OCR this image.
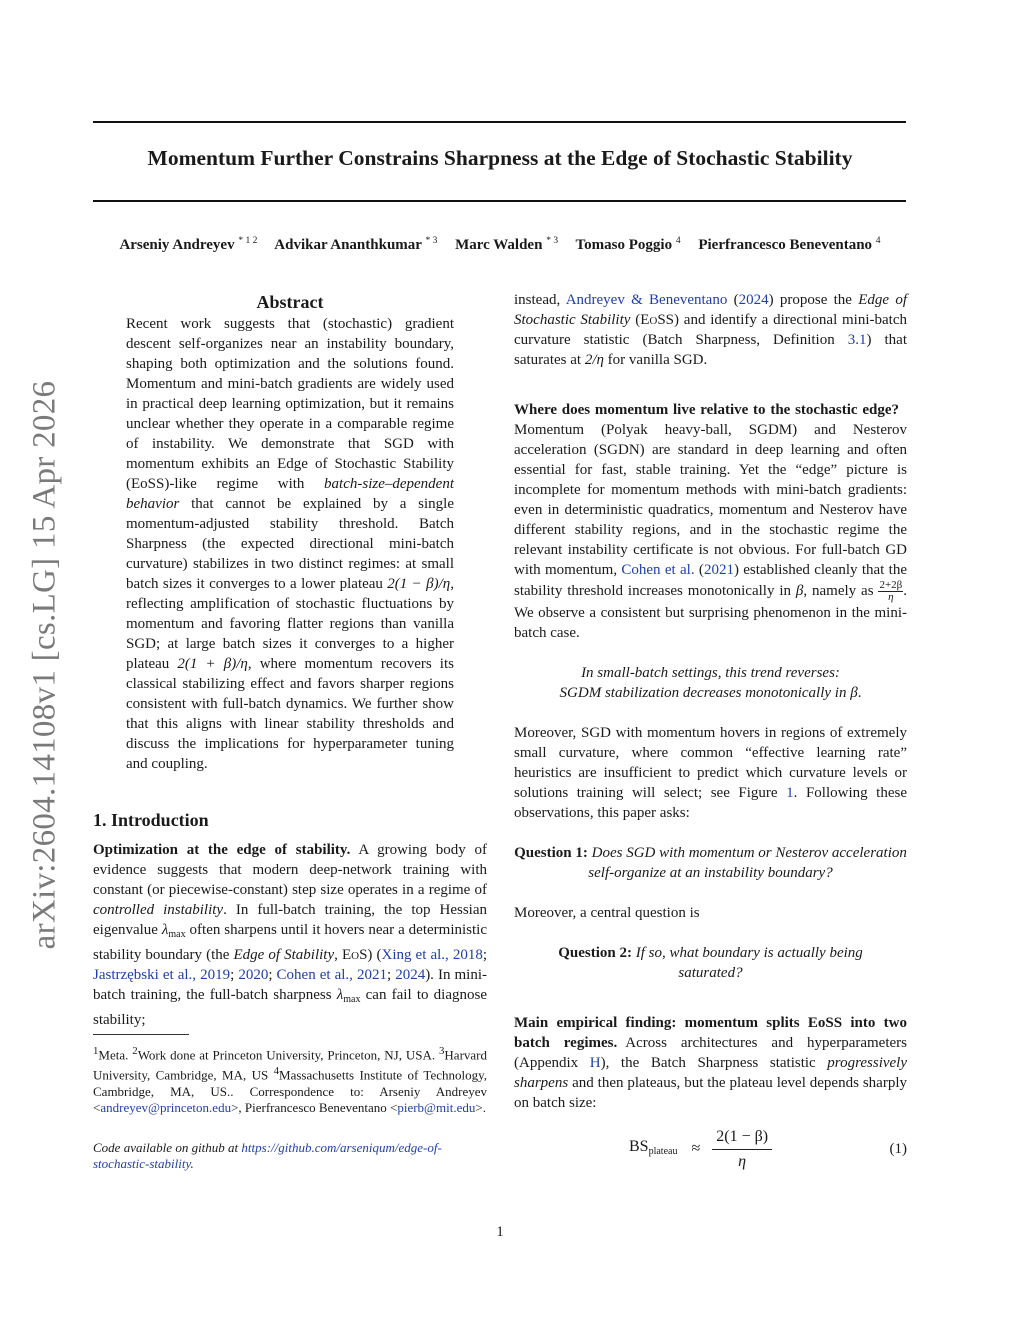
Momentum Further Constrains Sharpness at the Edge of Stochastic Stability
Arseniy Andreyev $^{* 1 2}$ Advikar Ananthkumar $^{* 3}$ Marc Walden $^{* 3}$ Tomaso Poggio $^4$ Pierfrancesco Beneventano $^4$
arXiv:2604.14108v1 [cs.LG] 15 Apr 2026
Abstract

Recent work suggests that (stochastic) gradient descent self-organizes near an instability boundary, shaping both optimization and the solutions found. Momentum and mini-batch gradients are widely used in practical deep learning optimization, but it remains unclear whether they operate in a comparable regime of instability. We demonstrate that SGD with momentum exhibits an Edge of Stochastic Stability (EoSS)-like regime with batch-size–dependent behavior that cannot be explained by a single momentum-adjusted stability threshold. Batch Sharpness (the expected directional mini-batch curvature) stabilizes in two distinct regimes: at small batch sizes it converges to a lower plateau 2(1 − β)/η, reflecting amplification of stochastic fluctuations by momentum and favoring flatter regions than vanilla SGD; at large batch sizes it converges to a higher plateau 2(1 + β)/η, where momentum recovers its classical stabilizing effect and favors sharper regions consistent with full-batch dynamics. We further show that this aligns with linear stability thresholds and discuss the implications for hyperparameter tuning and coupling.

1. Introduction

Optimization at the edge of stability. A growing body of evidence suggests that modern deep-network training with constant (or piecewise-constant) step size operates in a regime of controlled instability. In full-batch training, the top Hessian eigenvalue $\lambda_{max}$ often sharpens until it hovers near a deterministic stability boundary (the Edge of Stability, EoS) (Xing et al., 2018; Jastrzębski et al., 2019; 2020; Cohen et al., 2021; 2024). In mini-batch training, the full-batch sharpness $\lambda_{max}$ can fail to diagnose stability;

$^1$Meta. $^2$Work done at Princeton University, Princeton, NJ, USA. $^3$Harvard University, Cambridge, MA, US $^4$Massachusetts Institute of Technology, Cambridge, MA, US.. Correspondence to: Arseniy Andreyev <andreyev@princeton.edu>, Pierfrancesco Beneventano <pierb@mit.edu>.

Code available on github at https://github.com/arseniqum/edge-of-stochastic-stability.

instead, Andreyev & Beneventano (2024) propose the Edge of Stochastic Stability (EoSS) and identify a directional mini-batch curvature statistic (Batch Sharpness, Definition 3.1) that saturates at 2/η for vanilla SGD.

Where does momentum live relative to the stochastic edge?Momentum (Polyak heavy-ball, SGDM) and Nesterov acceleration (SGDN) are standard in deep learning and often essential for fast, stable training. Yet the “edge” picture is incomplete for momentum methods with mini-batch gradients: even in deterministic quadratics, momentum and Nesterov have different stability regions, and in the stochastic regime the relevant instability certificate is not obvious. For full-batch GD with momentum, Cohen et al. (2021) established cleanly that the stability threshold increases monotonically in β, namely as $\frac{2+2\beta}{\eta}$ . We observe a consistent but surprising phenomenon in the mini-batch case.

In small-batch settings, this trend reverses:

SGDM stabilization decreases monotonically in β.

Moreover, SGD with momentum hovers in regions of extremely small curvature, where common “effective learning rate” heuristics are insufficient to predict which curvature levels or solutions training will select; see Figure 1. Following these observations, this paper asks:

Question 1: Does SGD with momentum or Nesterov acceleration self-organize at an instability boundary?

Moreover, a central question is

Question 2: If so, what boundary is actually being saturated?

Main empirical finding: momentum splits EoSS into two batch regimes. Across architectures and hyperparameters (Appendix H), the Batch Sharpness statistic progressively sharpens and then plateaus, but the plateau level depends sharply on batch size:

$BS_{plateau} \approx \frac{2(1 - \beta)}{\eta}$	(1)
1
